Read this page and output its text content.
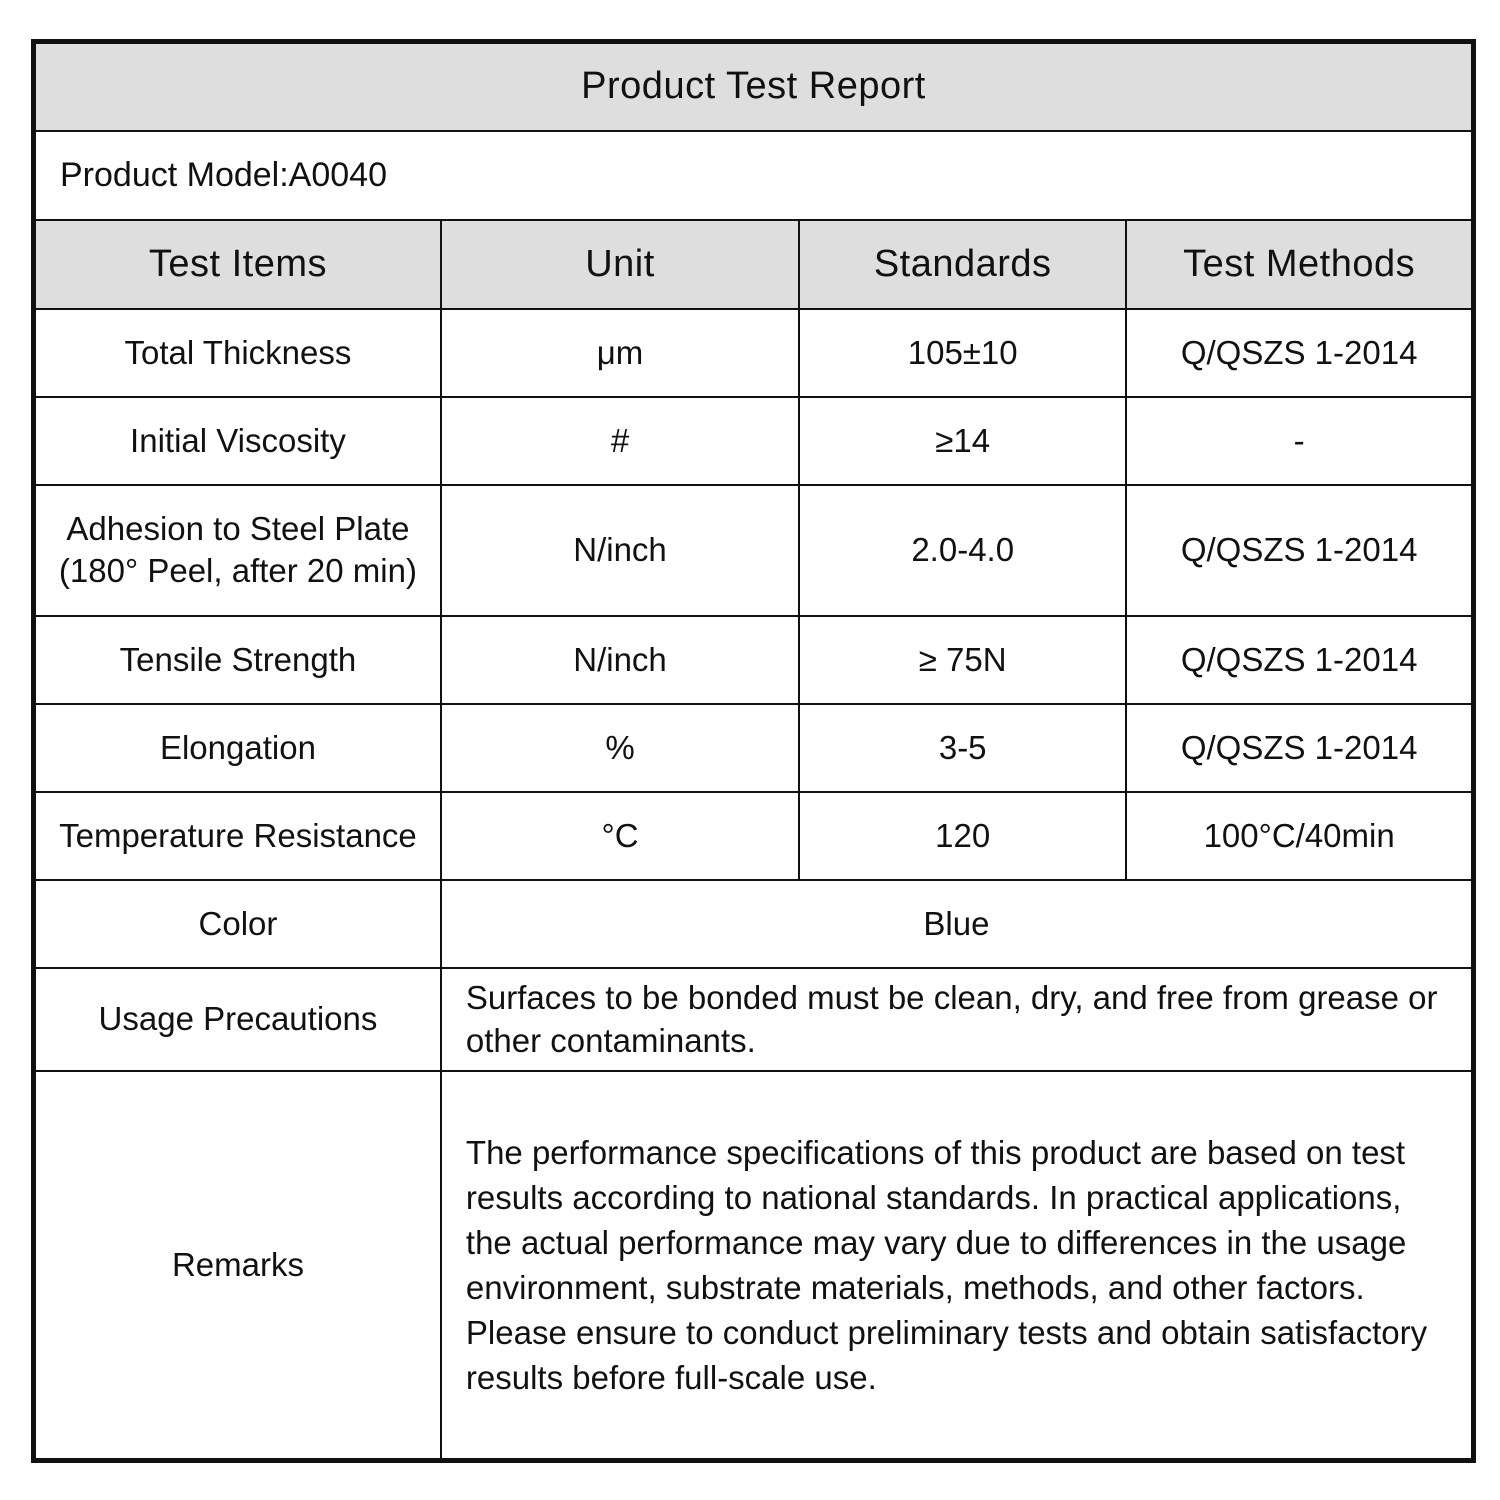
Product Test Report			
Product Model:A0040			
Test Items	Unit	Standards	Test Methods
Total Thickness	μm	105±10	Q/QSZS 1-2014
Initial Viscosity	#	≥14	-

Adhesion to Steel Plate
(180° Peel, after 20 min)	N/inch	2.0-4.0	Q/QSZS 1-2014
Tensile Strength	N/inch	≥ 75N	Q/QSZS 1-2014
Elongation	%	3-5	Q/QSZS 1-2014
Temperature Resistance	°C	120	100°C/40min
Color	Blue		
Usage Precautions	Surfaces to be bonded must be clean, dry, and free from grease or other contaminants.		
Remarks	The performance specifications of this product are based on test results according to national standards. In practical applications, the actual performance may vary due to differences in the usage environment, substrate materials, methods, and other factors. Please ensure to conduct preliminary tests and obtain satisfactory results before full-scale use.		
